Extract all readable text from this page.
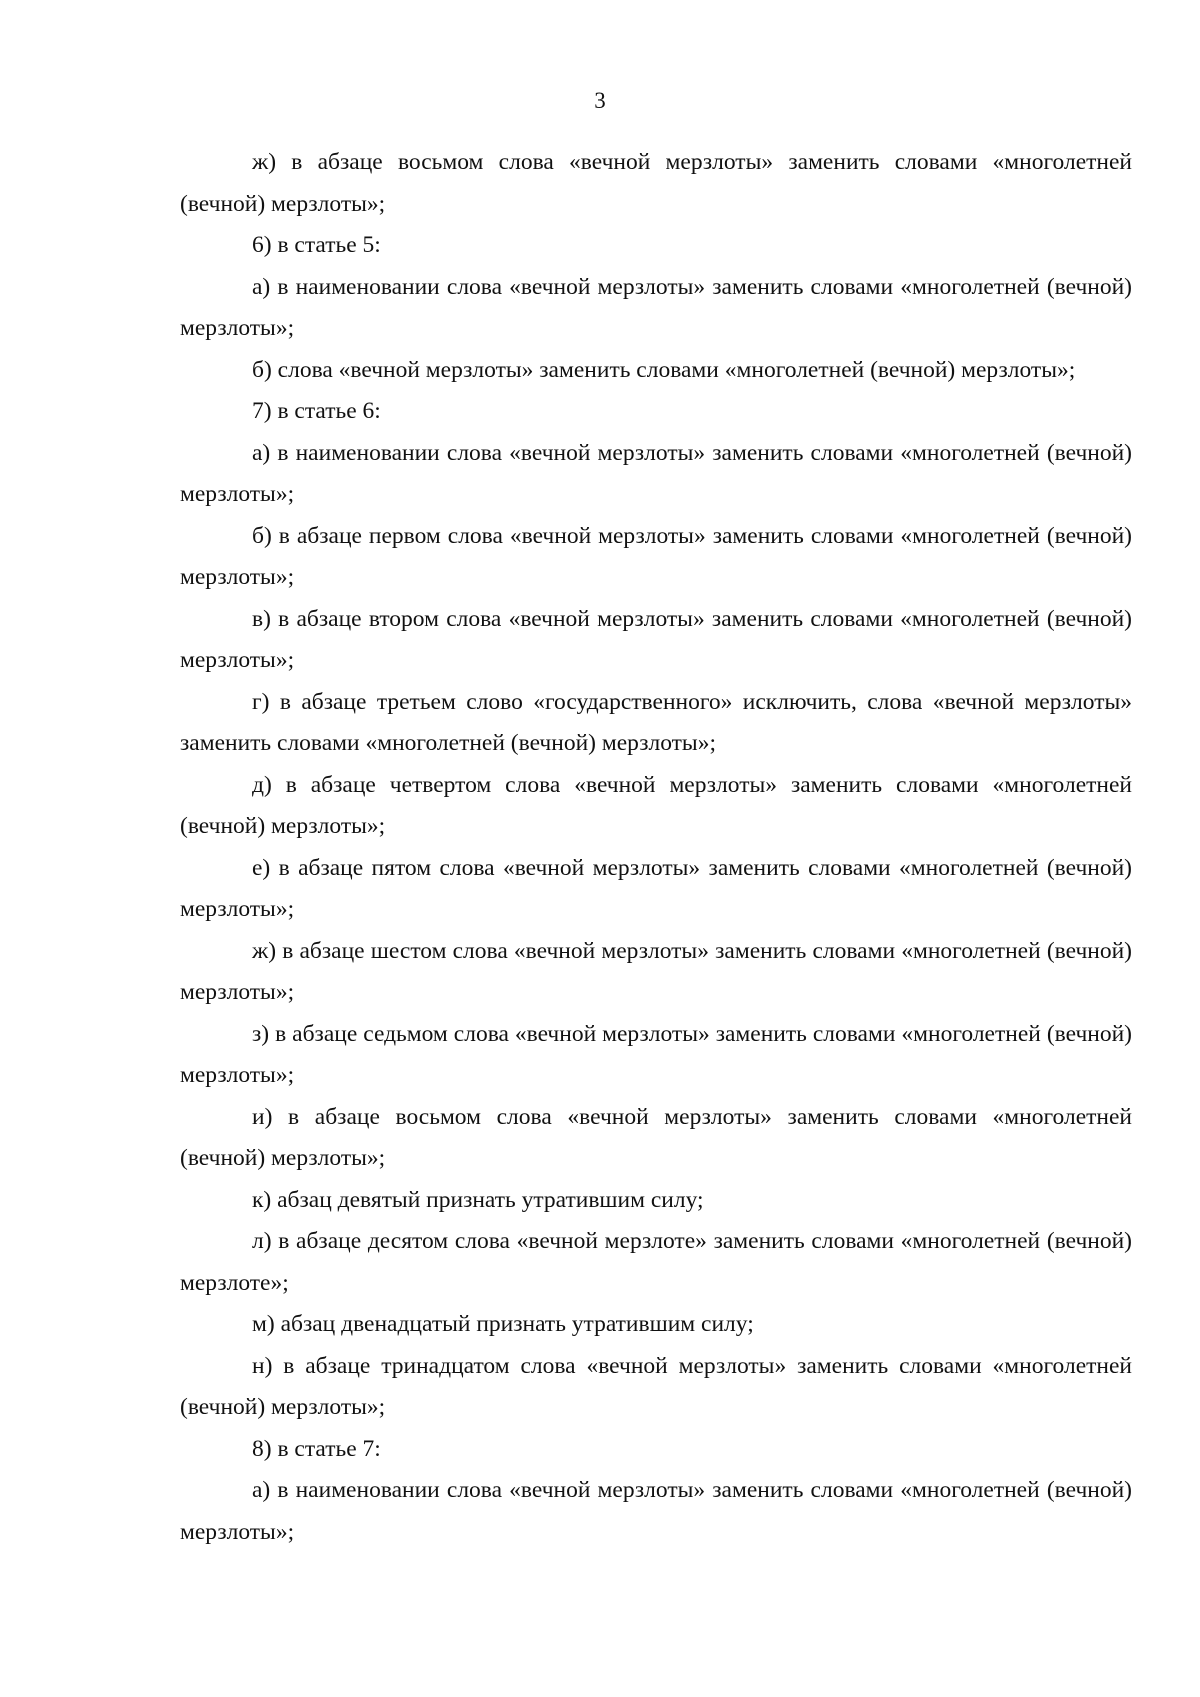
3

ж) в абзаце восьмом слова «вечной мерзлоты» заменить словами «многолетней (вечной) мерзлоты»;

6) в статье 5:

а) в наименовании слова «вечной мерзлоты» заменить словами «многолетней (вечной) мерзлоты»;

б) слова «вечной мерзлоты» заменить словами «многолетней (вечной) мерзлоты»;

7) в статье 6:

а) в наименовании слова «вечной мерзлоты» заменить словами «многолетней (вечной) мерзлоты»;

б) в абзаце первом слова «вечной мерзлоты» заменить словами «многолетней (вечной) мерзлоты»;

в) в абзаце втором слова «вечной мерзлоты» заменить словами «многолетней (вечной) мерзлоты»;

г) в абзаце третьем слово «государственного» исключить, слова «вечной мерзлоты» заменить словами «многолетней (вечной) мерзлоты»;

д) в абзаце четвертом слова «вечной мерзлоты» заменить словами «многолетней (вечной) мерзлоты»;

е) в абзаце пятом слова «вечной мерзлоты» заменить словами «многолетней (вечной) мерзлоты»;

ж) в абзаце шестом слова «вечной мерзлоты» заменить словами «многолетней (вечной) мерзлоты»;

з) в абзаце седьмом слова «вечной мерзлоты» заменить словами «многолетней (вечной) мерзлоты»;

и) в абзаце восьмом слова «вечной мерзлоты» заменить словами «многолетней (вечной) мерзлоты»;

к) абзац девятый признать утратившим силу;

л) в абзаце десятом слова «вечной мерзлоте» заменить словами «многолетней (вечной) мерзлоте»;

м) абзац двенадцатый признать утратившим силу;

н) в абзаце тринадцатом слова «вечной мерзлоты» заменить словами «многолетней (вечной) мерзлоты»;

8) в статье 7:

а) в наименовании слова «вечной мерзлоты» заменить словами «многолетней (вечной) мерзлоты»;
